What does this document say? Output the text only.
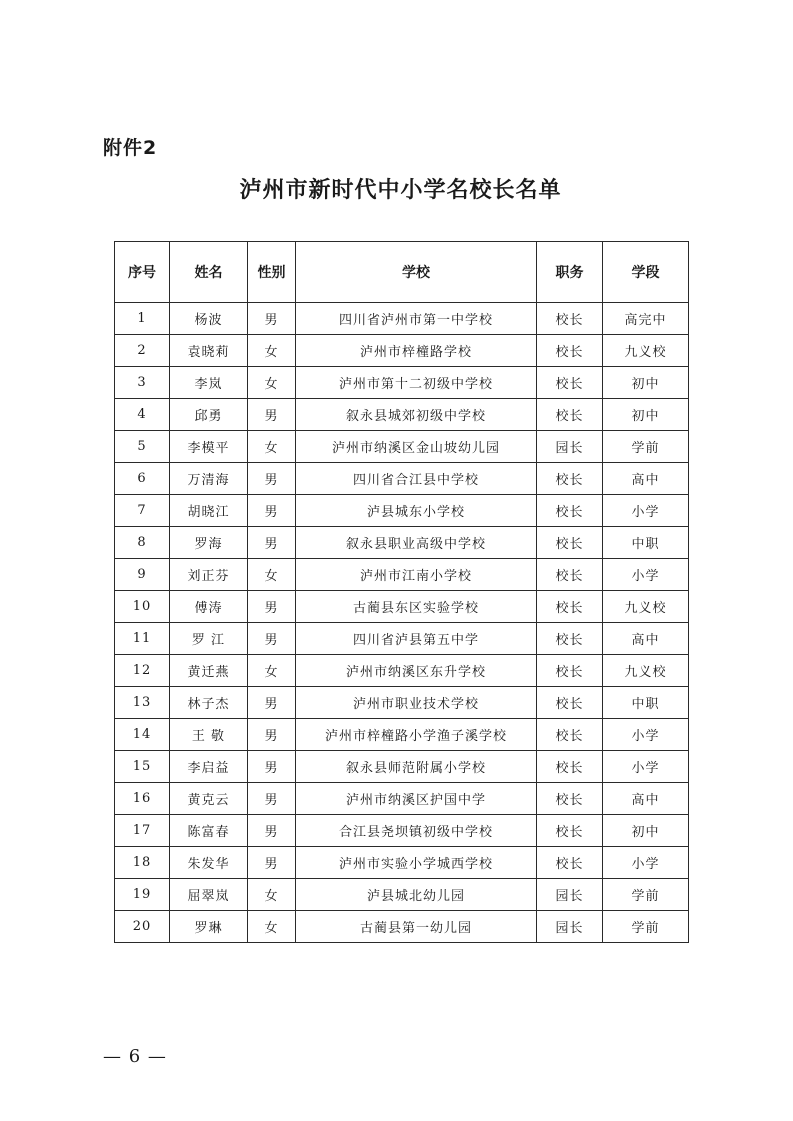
附件2
泸州市新时代中小学名校长名单
序号	姓名	性别	学校	职务	学段
1	杨波	男	四川省泸州市第一中学校	校长	高完中
2	袁晓莉	女	泸州市梓橦路学校	校长	九义校
3	李岚	女	泸州市第十二初级中学校	校长	初中
4	邱勇	男	叙永县城郊初级中学校	校长	初中
5	李模平	女	泸州市纳溪区金山坡幼儿园	园长	学前
6	万清海	男	四川省合江县中学校	校长	高中
7	胡晓江	男	泸县城东小学校	校长	小学
8	罗海	男	叙永县职业高级中学校	校长	中职
9	刘正芬	女	泸州市江南小学校	校长	小学
10	傅涛	男	古蔺县东区实验学校	校长	九义校
11	罗 江	男	四川省泸县第五中学	校长	高中
12	黄迁燕	女	泸州市纳溪区东升学校	校长	九义校
13	林子杰	男	泸州市职业技术学校	校长	中职
14	王 敬	男	泸州市梓橦路小学渔子溪学校	校长	小学
15	李启益	男	叙永县师范附属小学校	校长	小学
16	黄克云	男	泸州市纳溪区护国中学	校长	高中
17	陈富春	男	合江县尧坝镇初级中学校	校长	初中
18	朱发华	男	泸州市实验小学城西学校	校长	小学
19	屈翠岚	女	泸县城北幼儿园	园长	学前
20	罗琳	女	古蔺县第一幼儿园	园长	学前
— 6 —
